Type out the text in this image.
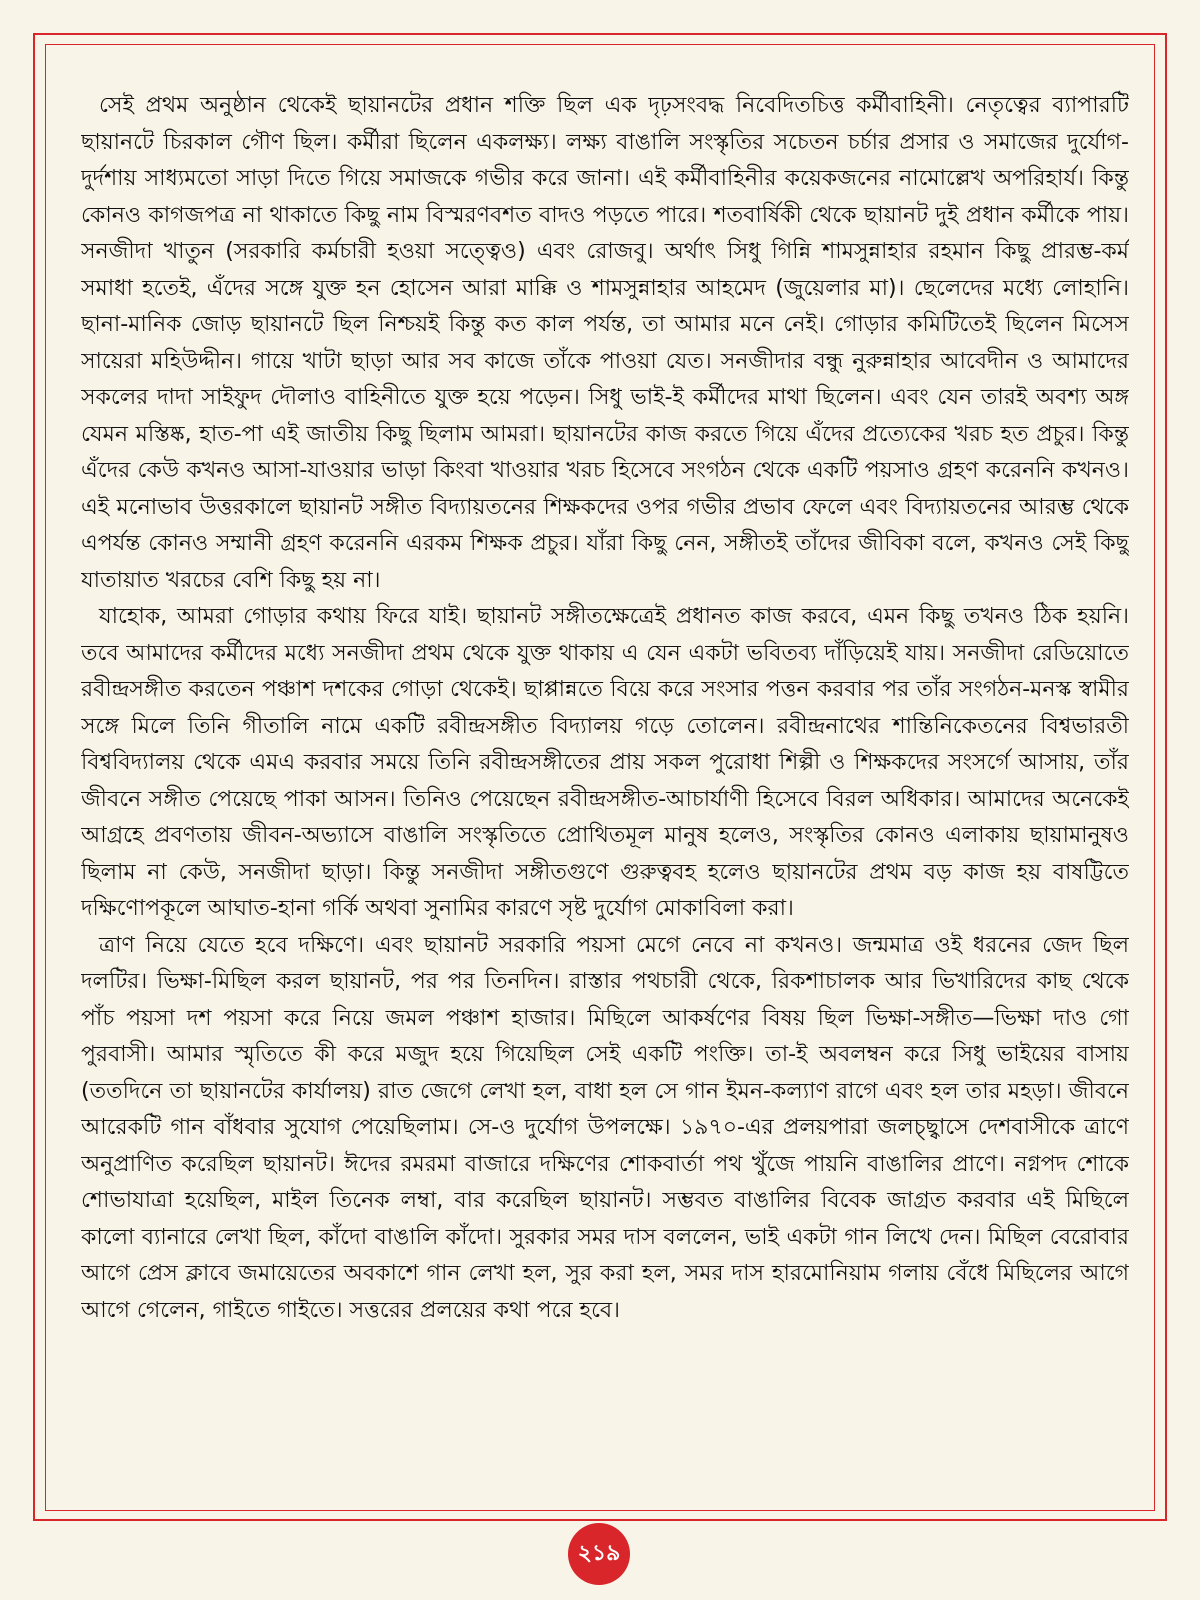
সেই প্রথম অনুষ্ঠান থেকেই ছায়ানটের প্রধান শক্তি ছিল এক দৃঢ়সংবদ্ধ নিবেদিতচিত্ত কর্মীবাহিনী। নেতৃত্বের ব্যাপারটি ছায়ানটে চিরকাল গৌণ ছিল। কর্মীরা ছিলেন একলক্ষ্য। লক্ষ্য বাঙালি সংস্কৃতির সচেতন চর্চার প্রসার ও সমাজের দুর্যোগ-দুর্দশায় সাধ্যমতো সাড়া দিতে গিয়ে সমাজকে গভীর করে জানা। এই কর্মীবাহিনীর কয়েকজনের নামোল্লেখ অপরিহার্য। কিন্তু কোনও কাগজপত্র না থাকাতে কিছু নাম বিস্মরণবশত বাদও পড়তে পারে। শতবার্ষিকী থেকে ছায়ানট দুই প্রধান কর্মীকে পায়। সনজীদা খাতুন (সরকারি কর্মচারী হওয়া সত্ত্বেও) এবং রোজবু। অর্থাৎ সিধু গিন্নি শামসুন্নাহার রহমান কিছু প্রারম্ভ-কর্ম সমাধা হতেই, এঁদের সঙ্গে যুক্ত হন হোসেন আরা মাক্কি ও শামসুন্নাহার আহমেদ (জুয়েলার মা)। ছেলেদের মধ্যে লোহানি। ছানা-মানিক জোড় ছায়ানটে ছিল নিশ্চয়ই কিন্তু কত কাল পর্যন্ত, তা আমার মনে নেই। গোড়ার কমিটিতেই ছিলেন মিসেস সায়েরা মহিউদ্দীন। গায়ে খাটা ছাড়া আর সব কাজে তাঁকে পাওয়া যেত। সনজীদার বন্ধু নুরুন্নাহার আবেদীন ও আমাদের সকলের দাদা সাইফুদ দৌলাও বাহিনীতে যুক্ত হয়ে পড়েন। সিধু ভাই-ই কর্মীদের মাথা ছিলেন। এবং যেন তারই অবশ্য অঙ্গ যেমন মস্তিষ্ক, হাত-পা এই জাতীয় কিছু ছিলাম আমরা। ছায়ানটের কাজ করতে গিয়ে এঁদের প্রত্যেকের খরচ হত প্রচুর। কিন্তু এঁদের কেউ কখনও আসা-যাওয়ার ভাড়া কিংবা খাওয়ার খরচ হিসেবে সংগঠন থেকে একটি পয়সাও গ্রহণ করেননি কখনও। এই মনোভাব উত্তরকালে ছায়ানট সঙ্গীত বিদ্যায়তনের শিক্ষকদের ওপর গভীর প্রভাব ফেলে এবং বিদ্যায়তনের আরম্ভ থেকে এপর্যন্ত কোনও সম্মানী গ্রহণ করেননি এরকম শিক্ষক প্রচুর। যাঁরা কিছু নেন, সঙ্গীতই তাঁদের জীবিকা বলে, কখনও সেই কিছু যাতায়াত খরচের বেশি কিছু হয় না।

যাহোক, আমরা গোড়ার কথায় ফিরে যাই। ছায়ানট সঙ্গীতক্ষেত্রেই প্রধানত কাজ করবে, এমন কিছু তখনও ঠিক হয়নি। তবে আমাদের কর্মীদের মধ্যে সনজীদা প্রথম থেকে যুক্ত থাকায় এ যেন একটা ভবিতব্য দাঁড়িয়েই যায়। সনজীদা রেডিয়োতে রবীন্দ্রসঙ্গীত করতেন পঞ্চাশ দশকের গোড়া থেকেই। ছাপ্পান্নতে বিয়ে করে সংসার পত্তন করবার পর তাঁর সংগঠন-মনস্ক স্বামীর সঙ্গে মিলে তিনি গীতালি নামে একটি রবীন্দ্রসঙ্গীত বিদ্যালয় গড়ে তোলেন। রবীন্দ্রনাথের শান্তিনিকেতনের বিশ্বভারতী বিশ্ববিদ্যালয় থেকে এমএ করবার সময়ে তিনি রবীন্দ্রসঙ্গীতের প্রায় সকল পুরোধা শিল্পী ও শিক্ষকদের সংসর্গে আসায়, তাঁর জীবনে সঙ্গীত পেয়েছে পাকা আসন। তিনিও পেয়েছেন রবীন্দ্রসঙ্গীত-আচার্যাণী হিসেবে বিরল অধিকার। আমাদের অনেকেই আগ্রহে প্রবণতায় জীবন-অভ্যাসে বাঙালি সংস্কৃতিতে প্রোথিতমূল মানুষ হলেও, সংস্কৃতির কোনও এলাকায় ছায়ামানুষও ছিলাম না কেউ, সনজীদা ছাড়া। কিন্তু সনজীদা সঙ্গীতগুণে গুরুত্ববহ হলেও ছায়ানটের প্রথম বড় কাজ হয় বাষট্টিতে দক্ষিণোপকূলে আঘাত-হানা গর্কি অথবা সুনামির কারণে সৃষ্ট দুর্যোগ মোকাবিলা করা।

ত্রাণ নিয়ে যেতে হবে দক্ষিণে। এবং ছায়ানট সরকারি পয়সা মেগে নেবে না কখনও। জন্মমাত্র ওই ধরনের জেদ ছিল দলটির। ভিক্ষা-মিছিল করল ছায়ানট, পর পর তিনদিন। রাস্তার পথচারী থেকে, রিকশাচালক আর ভিখারিদের কাছ থেকে পাঁচ পয়সা দশ পয়সা করে নিয়ে জমল পঞ্চাশ হাজার। মিছিলে আকর্ষণের বিষয় ছিল ভিক্ষা-সঙ্গীত—ভিক্ষা দাও গো পুরবাসী। আমার স্মৃতিতে কী করে মজুদ হয়ে গিয়েছিল সেই একটি পংক্তি। তা-ই অবলম্বন করে সিধু ভাইয়ের বাসায় (ততদিনে তা ছায়ানটের কার্যালয়) রাত জেগে লেখা হল, বাধা হল সে গান ইমন-কল্যাণ রাগে এবং হল তার মহড়া। জীবনে আরেকটি গান বাঁধবার সুযোগ পেয়েছিলাম। সে-ও দুর্যোগ উপলক্ষে। ১৯৭০-এর প্রলয়পারা জলচ্ছ্বাসে দেশবাসীকে ত্রাণে অনুপ্রাণিত করেছিল ছায়ানট। ঈদের রমরমা বাজারে দক্ষিণের শোকবার্তা পথ খুঁজে পায়নি বাঙালির প্রাণে। নগ্নপদ শোকে শোভাযাত্রা হয়েছিল, মাইল তিনেক লম্বা, বার করেছিল ছায়ানট। সম্ভবত বাঙালির বিবেক জাগ্রত করবার এই মিছিলে কালো ব্যানারে লেখা ছিল, কাঁদো বাঙালি কাঁদো। সুরকার সমর দাস বললেন, ভাই একটা গান লিখে দেন। মিছিল বেরোবার আগে প্রেস ক্লাবে জমায়েতের অবকাশে গান লেখা হল, সুর করা হল, সমর দাস হারমোনিয়াম গলায় বেঁধে মিছিলের আগে আগে গেলেন, গাইতে গাইতে। সত্তরের প্রলয়ের কথা পরে হবে।

২১৯
